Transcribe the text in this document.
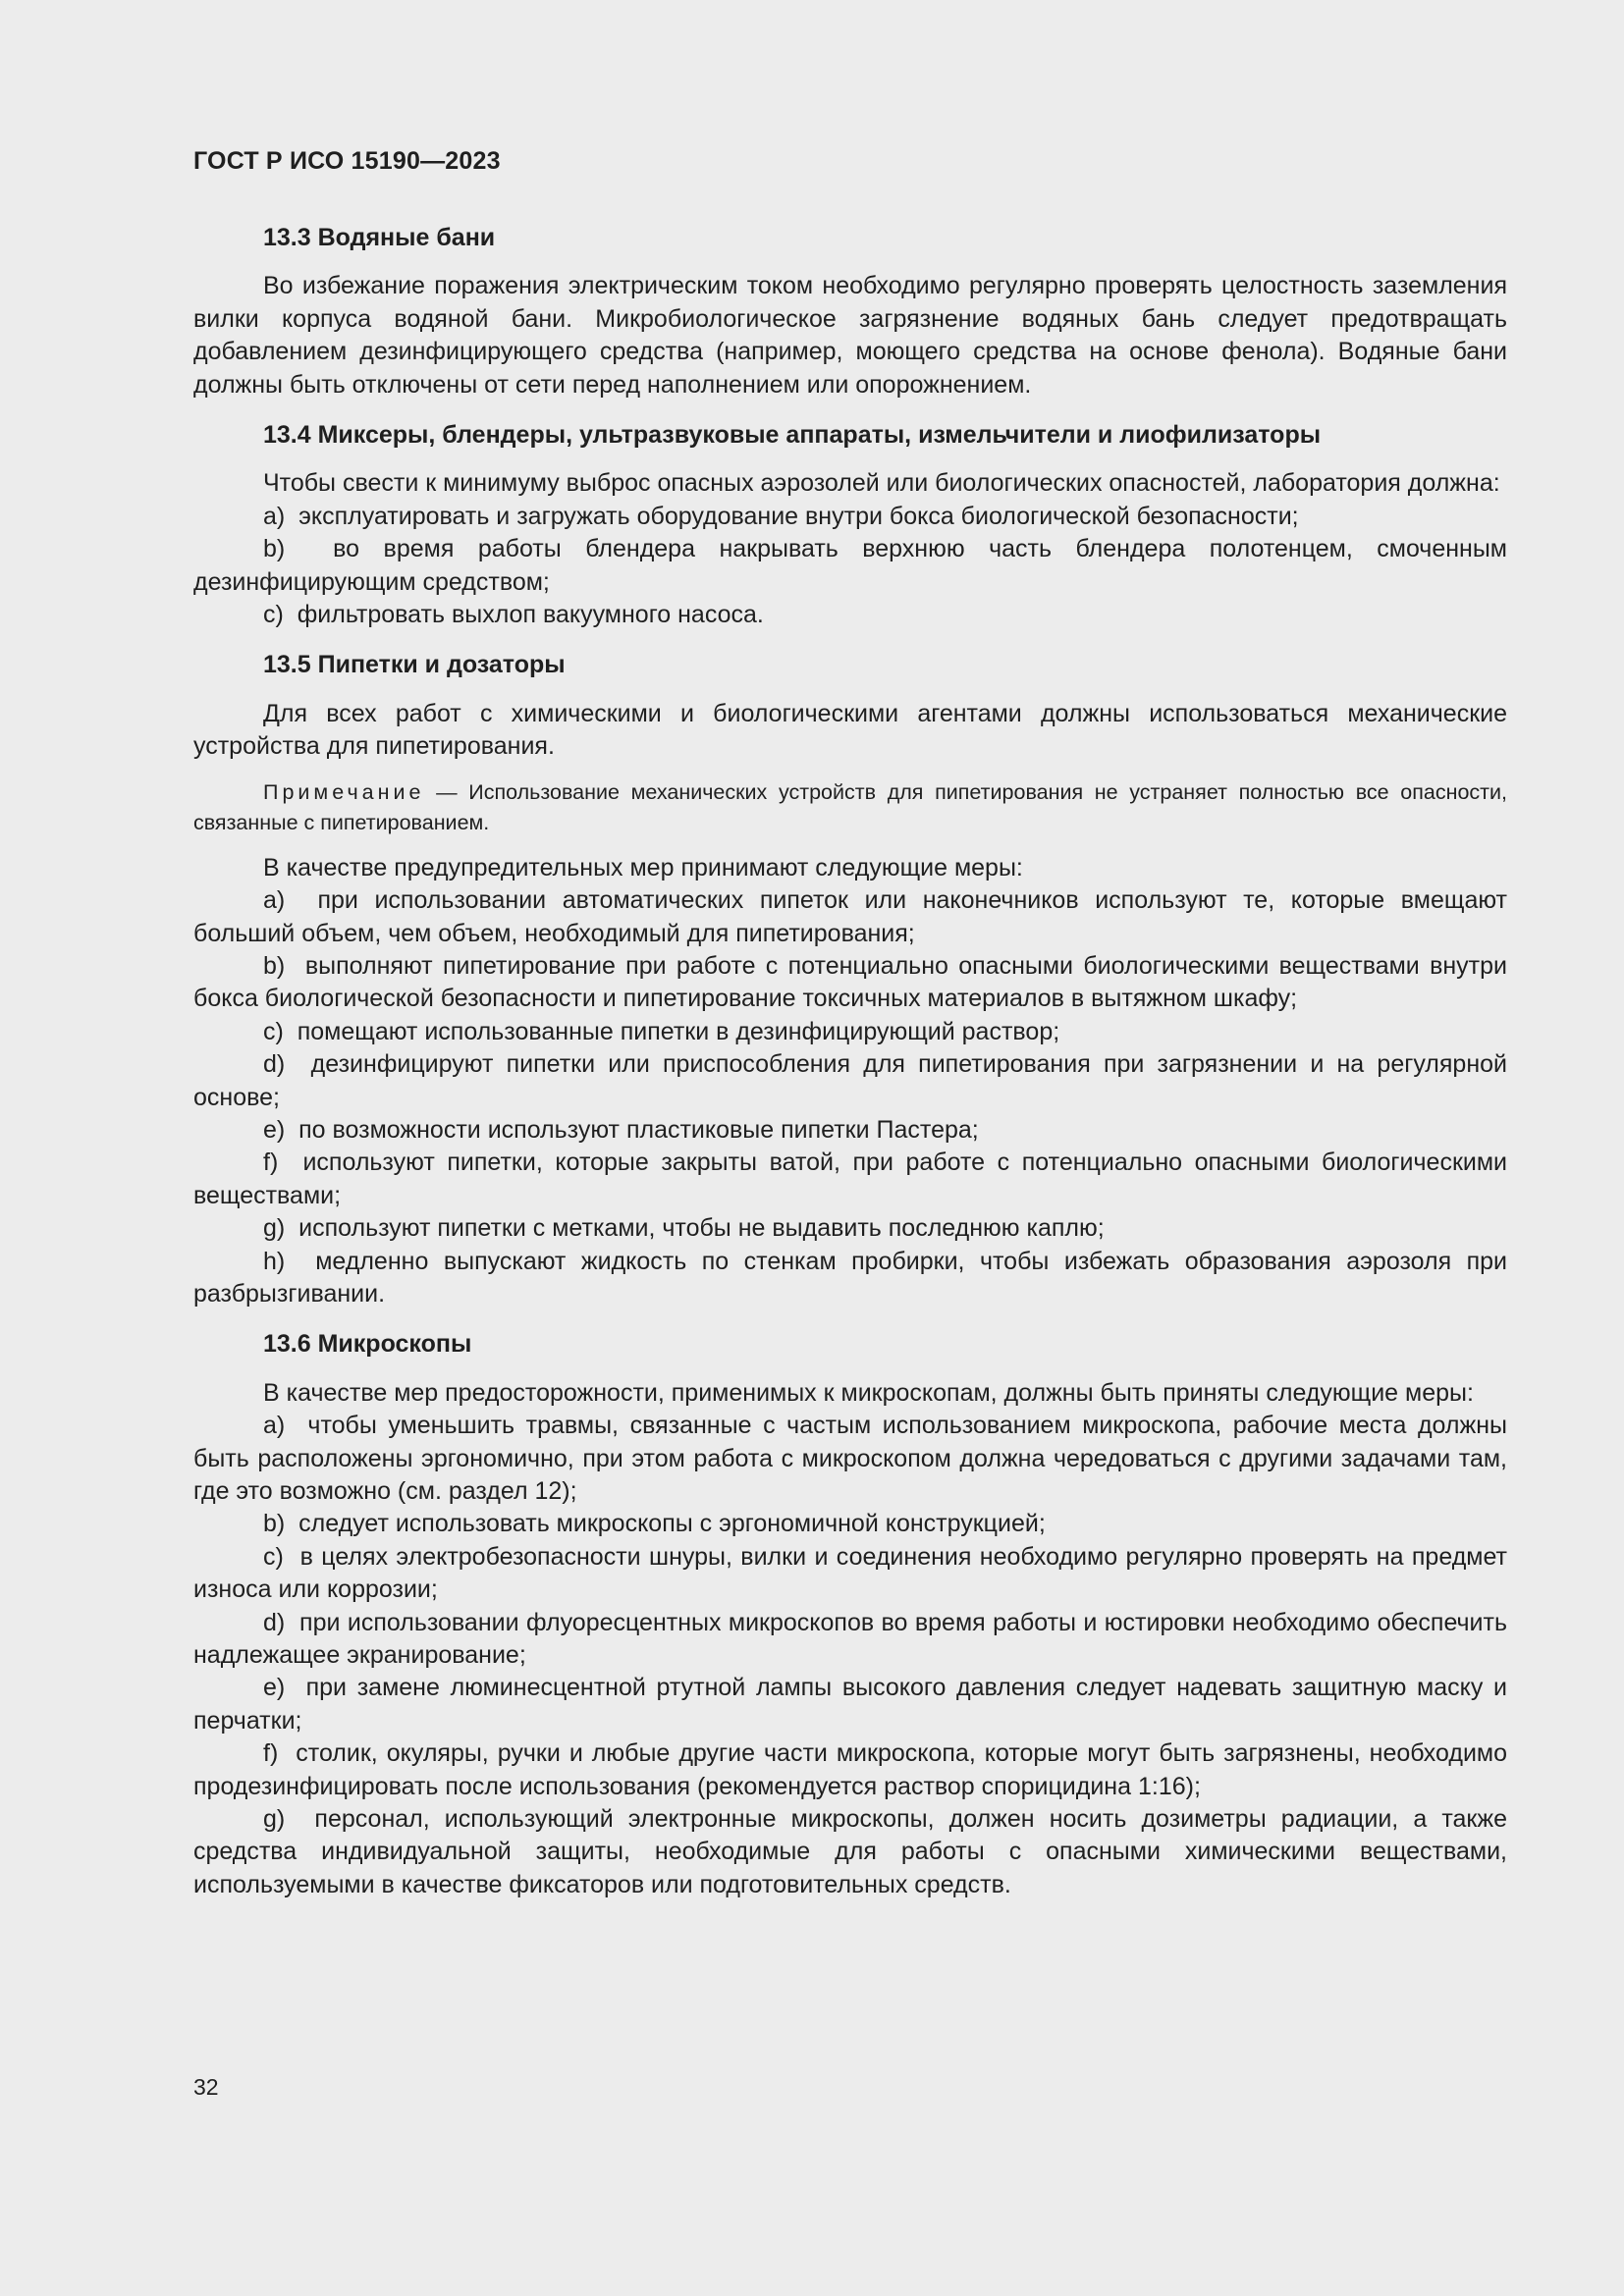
ГОСТ Р ИСО 15190—2023
13.3 Водяные бани

Во избежание поражения электрическим током необходимо регулярно проверять целостность заземления вилки корпуса водяной бани. Микробиологическое загрязнение водяных бань следует предотвращать добавлением дезинфицирующего средства (например, моющего средства на основе фенола). Водяные бани должны быть отключены от сети перед наполнением или опорожнением.

13.4 Миксеры, блендеры, ультразвуковые аппараты, измельчители и лиофилизаторы

Чтобы свести к минимуму выброс опасных аэрозолей или биологических опасностей, лаборатория должна:

a)  эксплуатировать и загружать оборудование внутри бокса биологической безопасности;

b)  во время работы блендера накрывать верхнюю часть блендера полотенцем, смоченным дезинфицирующим средством;

c)  фильтровать выхлоп вакуумного насоса.

13.5 Пипетки и дозаторы

Для всех работ с химическими и биологическими агентами должны использоваться механические устройства для пипетирования.

Примечание — Использование механических устройств для пипетирования не устраняет полностью все опасности, связанные с пипетированием.

В качестве предупредительных мер принимают следующие меры:

a)  при использовании автоматических пипеток или наконечников используют те, которые вмещают больший объем, чем объем, необходимый для пипетирования;

b)  выполняют пипетирование при работе с потенциально опасными биологическими веществами внутри бокса биологической безопасности и пипетирование токсичных материалов в вытяжном шкафу;

c)  помещают использованные пипетки в дезинфицирующий раствор;

d)  дезинфицируют пипетки или приспособления для пипетирования при загрязнении и на регулярной основе;

e)  по возможности используют пластиковые пипетки Пастера;

f)  используют пипетки, которые закрыты ватой, при работе с потенциально опасными биологическими веществами;

g)  используют пипетки с метками, чтобы не выдавить последнюю каплю;

h)  медленно выпускают жидкость по стенкам пробирки, чтобы избежать образования аэрозоля при разбрызгивании.

13.6 Микроскопы

В качестве мер предосторожности, применимых к микроскопам, должны быть приняты следующие меры:

a)  чтобы уменьшить травмы, связанные с частым использованием микроскопа, рабочие места должны быть расположены эргономично, при этом работа с микроскопом должна чередоваться с другими задачами там, где это возможно (см. раздел 12);

b)  следует использовать микроскопы с эргономичной конструкцией;

c)  в целях электробезопасности шнуры, вилки и соединения необходимо регулярно проверять на предмет износа или коррозии;

d)  при использовании флуоресцентных микроскопов во время работы и юстировки необходимо обеспечить надлежащее экранирование;

e)  при замене люминесцентной ртутной лампы высокого давления следует надевать защитную маску и перчатки;

f)  столик, окуляры, ручки и любые другие части микроскопа, которые могут быть загрязнены, необходимо продезинфицировать после использования (рекомендуется раствор спорицидина 1:16);

g)  персонал, использующий электронные микроскопы, должен носить дозиметры радиации, а также средства индивидуальной защиты, необходимые для работы с опасными химическими веществами, используемыми в качестве фиксаторов или подготовительных средств.

32
